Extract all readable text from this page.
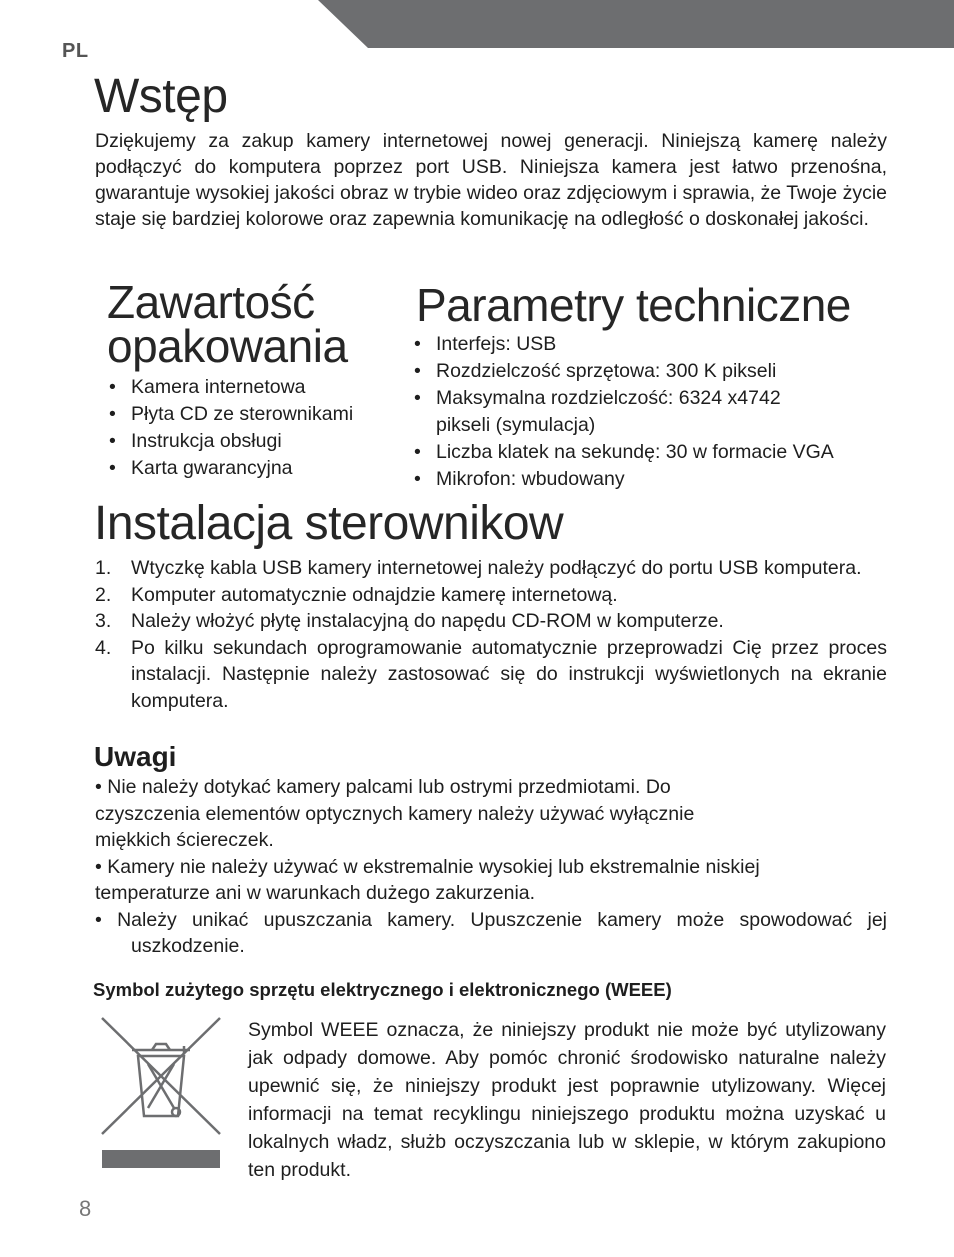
PL
Wstęp

Dziękujemy za zakup kamery internetowej nowej generacji. Niniejszą kamerę należy podłączyć do komputera poprzez port USB. Niniejsza kamera jest łatwo przenośna, gwarantuje wysokiej jakości obraz w trybie wideo oraz zdjęciowym i sprawia, że Twoje życie staje się bardziej kolorowe oraz zapewnia komunikację na odległość o doskonałej jakości.

Zawartość opakowania
• Kamera internetowa
• Płyta CD ze sterownikami
• Instrukcja obsługi
• Karta gwarancyjna
Parametry techniczne
• Interfejs: USB
• Rozdzielczość sprzętowa: 300 K pikseli
• Maksymalna rozdzielczość: 6324 x4742 pikseli (symulacja)
• Liczba klatek na sekundę: 30 w formacie VGA
• Mikrofon: wbudowany
Instalacja sterownikow
1. Wtyczkę kabla USB kamery internetowej należy podłączyć do portu USB komputera.
2. Komputer automatycznie odnajdzie kamerę internetową.
3. Należy włożyć płytę instalacyjną do napędu CD-ROM w komputerze.
4. Po kilku sekundach oprogramowanie automatycznie przeprowadzi Cię przez proces instalacji. Następnie należy zastosować się do instrukcji wyświetlonych na ekranie komputera.
Uwagi

• Nie należy dotykać kamery palcami lub ostrymi przedmiotami. Do czyszczenia elementów optycznych kamery należy używać wyłącznie miękkich ściereczek.

• Kamery nie należy używać w ekstremalnie wysokiej lub ekstremalnie niskiej temperaturze ani w warunkach dużego zakurzenia.

• Należy unikać upuszczania kamery. Upuszczenie kamery może spowodować jej uszkodzenie.

Symbol zużytego sprzętu elektrycznego i elektronicznego (WEEE)

Symbol WEEE oznacza, że niniejszy produkt nie może być utylizowany jak odpady domowe. Aby pomóc chronić środowisko naturalne należy upewnić się, że niniejszy produkt jest poprawnie utylizowany. Więcej informacji na temat recyklingu niniejszego produktu można uzyskać u lokalnych władz, służb oczyszczania lub w sklepie, w którym zakupiono ten produkt.

8
